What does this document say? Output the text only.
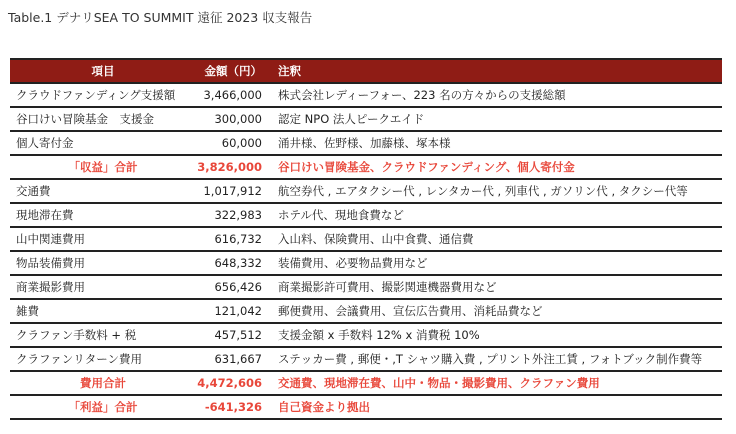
Table.1 デナリSEA TO SUMMIT 遠征 2023 収支報告
項目	金額（円）	注釈
クラウドファンディング支援額	3,466,000	株式会社レディーフォー、223 名の方々からの支援総額
谷口けい冒険基金　支援金	300,000	認定 NPO 法人ピークエイド
個人寄付金	60,000	涌井様、佐野様、加藤様、塚本様
「収益」合計	3,826,000	谷口けい冒険基金、クラウドファンディング、個人寄付金
交通費	1,017,912	航空券代 , エアタクシー代 , レンタカー代 , 列車代 , ガソリン代 , タクシー代等
現地滞在費	322,983	ホテル代、現地食費など
山中関連費用	616,732	入山料、保険費用、山中食費、通信費
物品装備費用	648,332	装備費用、必要物品費用など
商業撮影費用	656,426	商業撮影許可費用、撮影関連機器費用など
雑費	121,042	郵便費用、会議費用、宣伝広告費用、消耗品費など
クラファン手数料 + 税	457,512	支援金額 x 手数料 12% x 消費税 10%
クラファンリターン費用	631,667	ステッカー費 , 郵便・,T シャツ購入費 , プリント外注工賃 , フォトブック制作費等
費用合計	4,472,606	交通費、現地滞在費、山中・物品・撮影費用、クラファン費用
「利益」合計	-641,326	自己資金より拠出
